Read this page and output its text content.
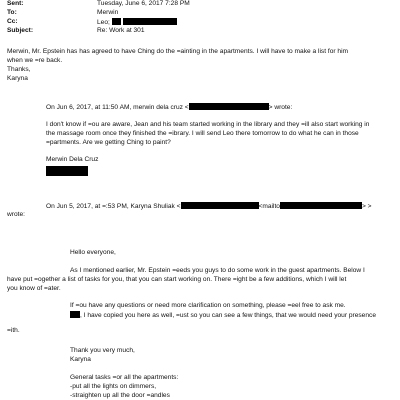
Sent:	Tuesday, June 6, 2017 7:28 PM
To:	Merwin
Cc:	Leo;
Subject:	Re: Work at 301
Merwin, Mr. Epstein has has agreed to have Ching do the =ainting in the apartments. I will have to make a list for him
when we =re back.
Thanks,
Karyna
On Jun 6, 2017, at 11:50 AM, merwin dela cruz <	> wrote:
I don't know if =ou are aware, Jean and his team started working in the library and they =ill also start working in
the massage room once they finished the =ibrary. I will send Leo there tomorrow to do what he can in those
=partments. Are we getting Ching to paint?
Merwin Dela Cruz
On Jun 5, 2017, at =:53 PM, Karyna Shuliak <	<mailto	> >
wrote:
Hello everyone,
As I mentioned earlier, Mr. Epstein =eeds you guys to do some work in the guest apartments. Below I
have put =ogether a list of tasks for you, that you can start working on. There =ight be a few additions, which I will let
you know of =ater.
If =ou have any questions or need more clarification on something, please =eel free to ask me.
, I have copied you here as well, =ust so you can see a few things, that we would need your presence
=ith.
Thank you very much,
Karyna
General tasks =or all the apartments:
-put all the lights on dimmers,
-straighten up all the door =andles
